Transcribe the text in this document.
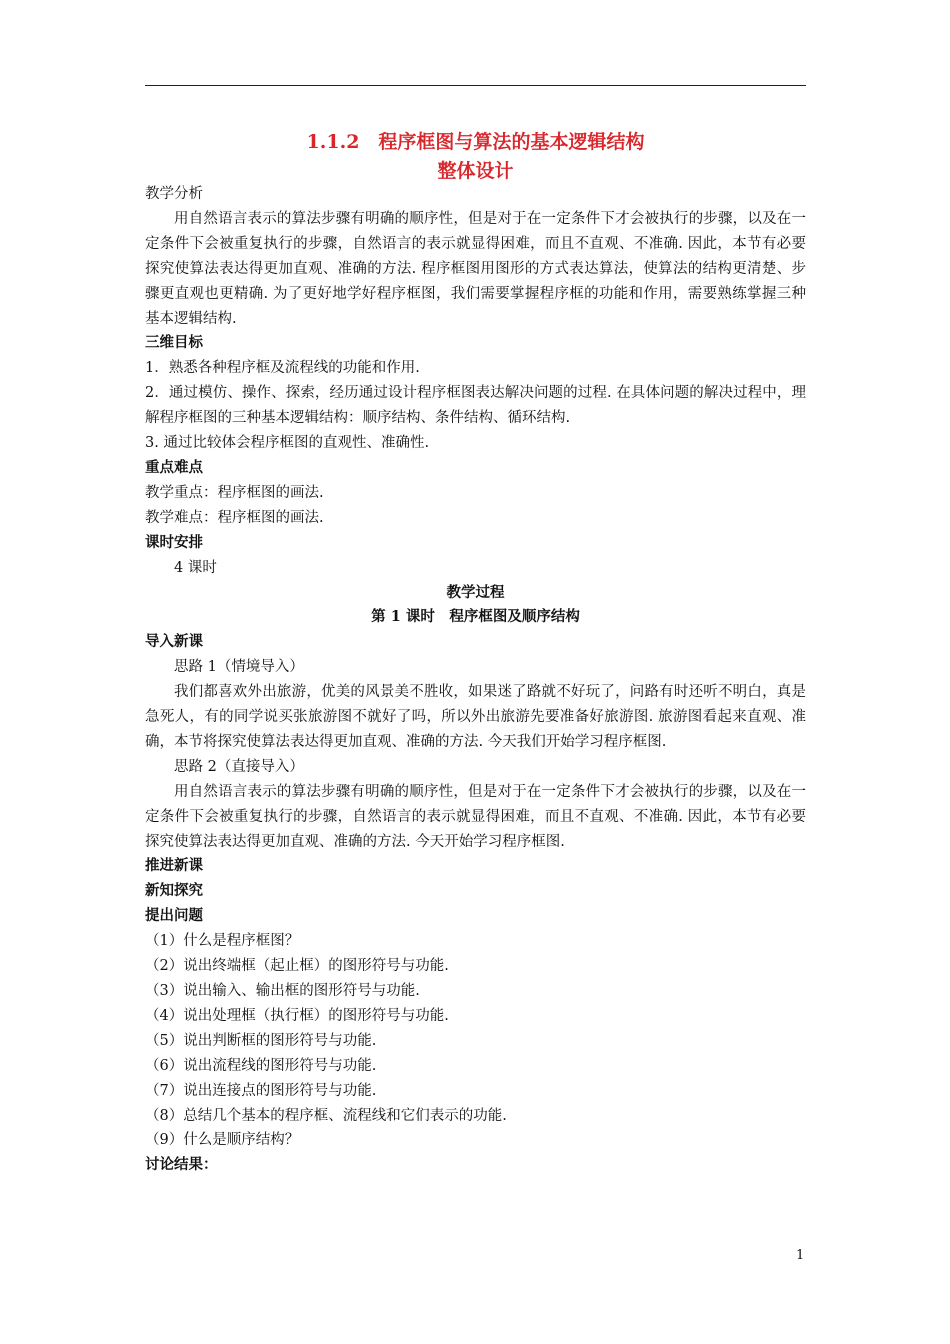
1.1.2　程序框图与算法的基本逻辑结构
整体设计

教学分析

用自然语言表示的算法步骤有明确的顺序性，但是对于在一定条件下才会被执行的步骤，以及在一定条件下会被重复执行的步骤，自然语言的表示就显得困难，而且不直观、不准确. 因此，本节有必要探究使算法表达得更加直观、准确的方法. 程序框图用图形的方式表达算法，使算法的结构更清楚、步骤更直观也更精确. 为了更好地学好程序框图，我们需要掌握程序框的功能和作用，需要熟练掌握三种基本逻辑结构.

三维目标

1．熟悉各种程序框及流程线的功能和作用.

2．通过模仿、操作、探索，经历通过设计程序框图表达解决问题的过程. 在具体问题的解决过程中，理解程序框图的三种基本逻辑结构：顺序结构、条件结构、循环结构.

3. 通过比较体会程序框图的直观性、准确性.

重点难点

教学重点：程序框图的画法.

教学难点：程序框图的画法.

课时安排

4 课时

教学过程

第 1 课时　程序框图及顺序结构

导入新课

思路 1（情境导入）

我们都喜欢外出旅游，优美的风景美不胜收，如果迷了路就不好玩了，问路有时还听不明白，真是急死人，有的同学说买张旅游图不就好了吗，所以外出旅游先要准备好旅游图. 旅游图看起来直观、准确，本节将探究使算法表达得更加直观、准确的方法. 今天我们开始学习程序框图.

思路 2（直接导入）

用自然语言表示的算法步骤有明确的顺序性，但是对于在一定条件下才会被执行的步骤，以及在一定条件下会被重复执行的步骤，自然语言的表示就显得困难，而且不直观、不准确. 因此，本节有必要探究使算法表达得更加直观、准确的方法. 今天开始学习程序框图.

推进新课

新知探究

提出问题

（1）什么是程序框图？

（2）说出终端框（起止框）的图形符号与功能.

（3）说出输入、输出框的图形符号与功能.

（4）说出处理框（执行框）的图形符号与功能.

（5）说出判断框的图形符号与功能.

（6）说出流程线的图形符号与功能.

（7）说出连接点的图形符号与功能.

（8）总结几个基本的程序框、流程线和它们表示的功能.

（9）什么是顺序结构？

讨论结果：

1
